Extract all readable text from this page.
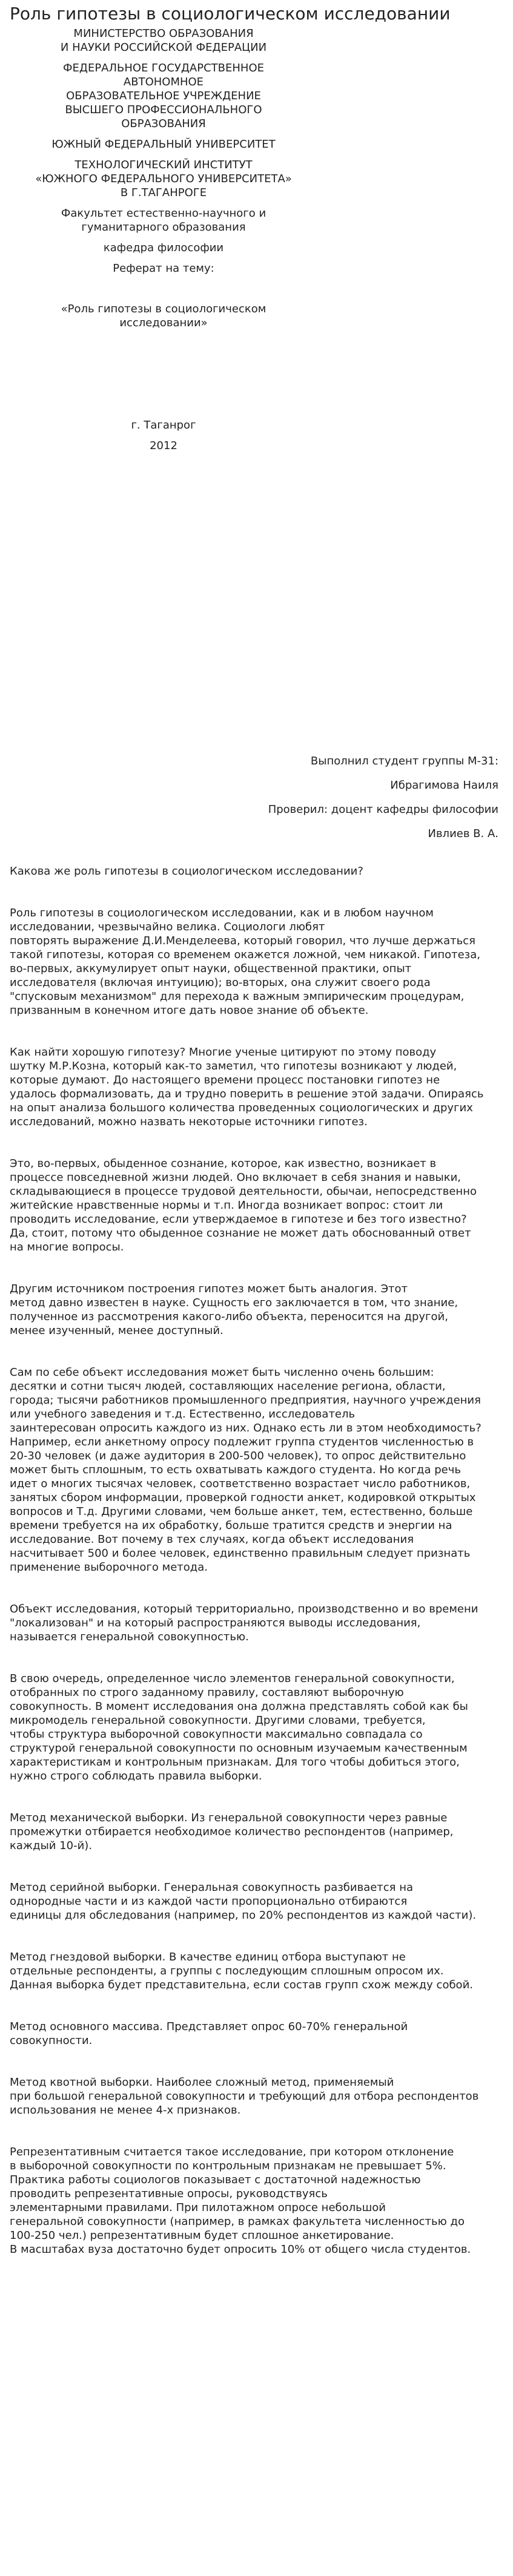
Роль гипотезы в социологическом исследовании
МИНИСТЕРСТВО ОБРАЗОВАНИЯ
И НАУКИ РОССИЙСКОЙ ФЕДЕРАЦИИ
ФЕДЕРАЛЬНОЕ ГОСУДАРСТВЕННОЕ
АВТОНОМНОЕ
ОБРАЗОВАТЕЛЬНОЕ УЧРЕЖДЕНИЕ
ВЫСШЕГО ПРОФЕССИОНАЛЬНОГО
ОБРАЗОВАНИЯ
ЮЖНЫЙ ФЕДЕРАЛЬНЫЙ УНИВЕРСИТЕТ
ТЕХНОЛОГИЧЕСКИЙ ИНСТИТУТ
«ЮЖНОГО ФЕДЕРАЛЬНОГО УНИВЕРСИТЕТА»
В Г.ТАГАНРОГЕ
Факультет естественно-научного и
гуманитарного образования
кафедра философии
Реферат на тему:
«Роль гипотезы в социологическом
исследовании»
г. Таганрог
2012
Выполнил студент группы М-31:
Ибрагимова Наиля
Проверил: доцент кафедры философии
Ивлиев В. А.

Какова же роль гипотезы в социологическом исследовании?

Роль гипотезы в социологическом исследовании, как и в любом научном
исследовании, чрезвычайно велика. Социологи любят
повторять выражение Д.И.Менделеева, который говорил, что лучше держаться
такой гипотезы, которая со временем окажется ложной, чем никакой. Гипотеза,
во-первых, аккумулирует опыт науки, общественной практики, опыт
исследователя (включая интуицию); во-вторых, она служит своего рода
"спусковым механизмом" для перехода к важным эмпирическим процедурам,
призванным в конечном итоге дать новое знание об объекте.

Как найти хорошую гипотезу? Многие ученые цитируют по этому поводу
шутку М.Р.Козна, который как-то заметил, что гипотезы возникают у людей,
которые думают. До настоящего времени процесс постановки гипотез не
удалось формализовать, да и трудно поверить в решение этой задачи. Опираясь
на опыт анализа большого количества проведенных социологических и других
исследований, можно назвать некоторые источники гипотез.

Это, во-первых, обыденное сознание, которое, как известно, возникает в
процессе повседневной жизни людей. Оно включает в себя знания и навыки,
складывающиеся в процессе трудовой деятельности, обычаи, непосредственно
житейские нравственные нормы и т.п. Иногда возникает вопрос: стоит ли
проводить исследование, если утверждаемое в гипотезе и без того известно?
Да, стоит, потому что обыденное сознание не может дать обоснованный ответ
на многие вопросы.

Другим источником построения гипотез может быть аналогия. Этот
метод давно известен в науке. Сущность его заключается в том, что знание,
полученное из рассмотрения какого-либо объекта, переносится на другой,
менее изученный, менее доступный.

Сам по себе объект исследования может быть численно очень большим:
десятки и сотни тысяч людей, составляющих население региона, области,
города; тысячи работников промышленного предприятия, научного учреждения
или учебного заведения и т.д. Естественно, исследователь
заинтересован опросить каждого из них. Однако есть ли в этом необходимость?
Например, если анкетному опросу подлежит группа студентов численностью в
20-30 человек (и даже аудитория в 200-500 человек), то опрос действительно
может быть сплошным, то есть охватывать каждого студента. Но когда речь
идет о многих тысячах человек, соответственно возрастает число работников,
занятых сбором информации, проверкой годности анкет, кодировкой открытых
вопросов и Т.д. Другими словами, чем больше анкет, тем, естественно, больше
времени требуется на их обработку, больше тратится средств и энергии на
исследование. Вот почему в тех случаях, когда объект исследования
насчитывает 500 и более человек, единственно правильным следует признать
применение выборочного метода.

Объект исследования, который территориально, производственно и во времени
"локализован" и на который распространяются выводы исследования,
называется генеральной совокупностью.

В свою очередь, определенное число элементов генеральной совокупности,
отобранных по строго заданному правилу, составляют выборочную
совокупность. В момент исследования она должна представлять собой как бы
микромодель генеральной совокупности. Другими словами, требуется,
чтобы структура выборочной совокупности максимально совпадала со
структурой генеральной совокупности по основным изучаемым качественным
характеристикам и контрольным признакам. Для того чтобы добиться этого,
нужно строго соблюдать правила выборки.

Метод механической выборки. Из генеральной совокупности через равные
промежутки отбирается необходимое количество респондентов (например,
каждый 10-й).

Метод серийной выборки. Генеральная совокупность разбивается на
однородные части и из каждой части пропорционально отбираются
единицы для обследования (например, по 20% респондентов из каждой части).

Метод гнездовой выборки. В качестве единиц отбора выступают не
отдельные респонденты, а группы с последующим сплошным опросом их.
Данная выборка будет представительна, если состав групп схож между собой.

Метод основного массива. Представляет опрос 60-70% генеральной
совокупности.

Метод квотной выборки. Наиболее сложный метод, применяемый
при большой генеральной совокупности и требующий для отбора респондентов
использования не менее 4-х признаков.

Репрезентативным считается такое исследование, при котором отклонение
в выборочной совокупности по контрольным признакам не превышает 5%.
Практика работы социологов показывает с достаточной надежностью
проводить репрезентативные опросы, руководствуясь
элементарными правилами. При пилотажном опросе небольшой
генеральной совокупности (например, в рамках факультета численностью до
100-250 чел.) репрезентативным будет сплошное анкетирование.
В масштабах вуза достаточно будет опросить 10% от общего числа студентов.
